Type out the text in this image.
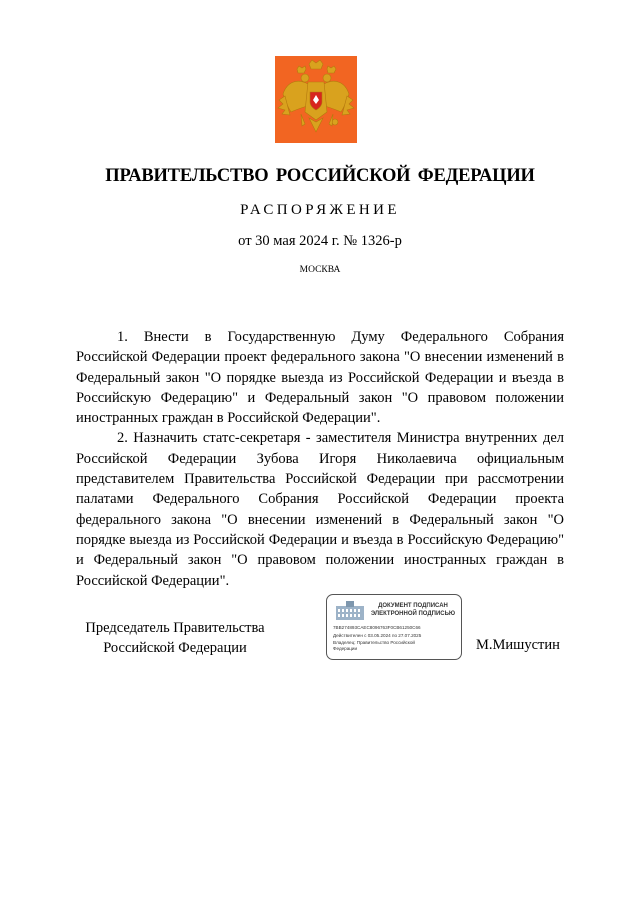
ПРАВИТЕЛЬСТВО РОССИЙСКОЙ ФЕДЕРАЦИИ
РАСПОРЯЖЕНИЕ
от 30 мая 2024 г. № 1326-р
МОСКВА

1. Внести в Государственную Думу Федерального Собрания Российской Федерации проект федерального закона "О внесении изменений в Федеральный закон "О порядке выезда из Российской Федерации и въезда в Российскую Федерацию" и Федеральный закон "О правовом положении иностранных граждан в Российской Федерации".

2. Назначить статс-секретаря - заместителя Министра внутренних дел Российской Федерации Зубова Игоря Николаевича официальным представителем Правительства Российской Федерации при рассмотрении палатами Федерального Собрания Российской Федерации проекта федерального закона "О внесении изменений в Федеральный закон "О порядке выезда из Российской Федерации и въезда в Российскую Федерацию" и Федеральный закон "О правовом положении иностранных граждан в Российской Федерации".

Председатель Правительства
Российской Федерации
ДОКУМЕНТ ПОДПИСАН
ЭЛЕКТРОННОЙ ПОДПИСЬЮ
7BB274893CAEC8096763F0CB61250C66
Действителен с 03.05.2024 по 27.07.2025
Владелец: Правительство Российской
Федерации	М.Мишустин
